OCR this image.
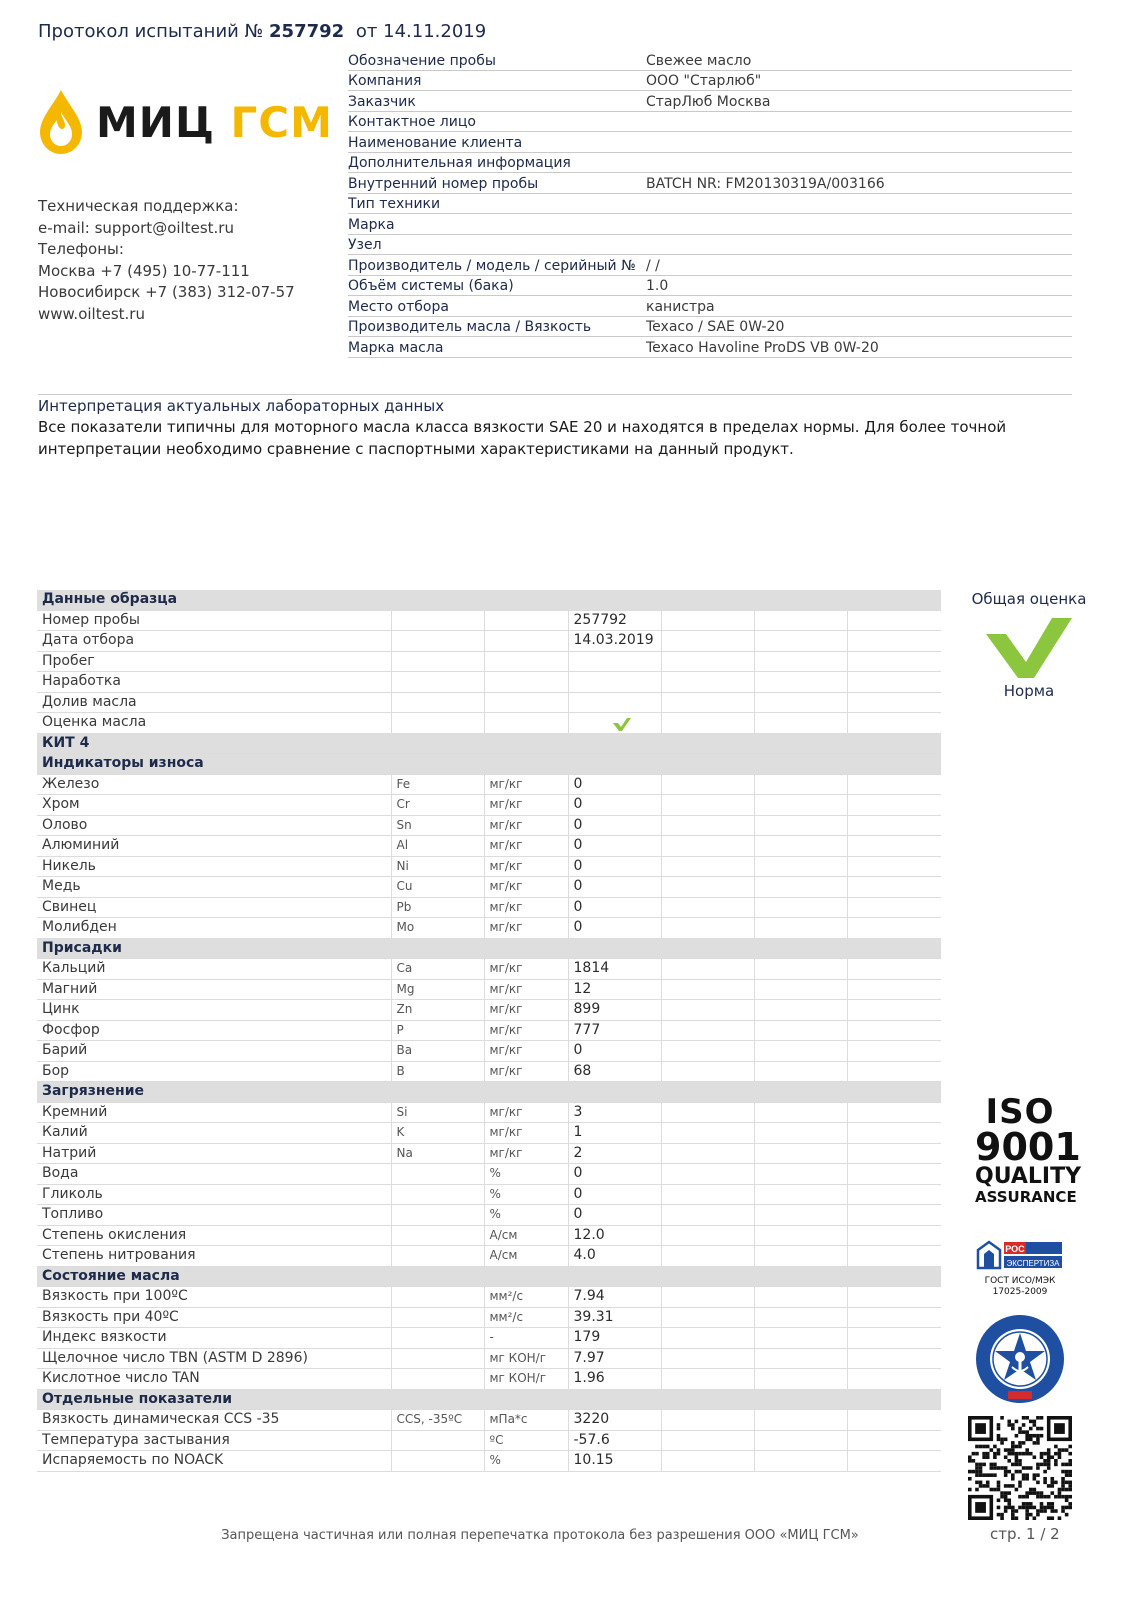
Протокол испытаний № 257792 от 14.11.2019
МИЦ ГСМ
Техническая поддержка:
e-mail: support@oiltest.ru
Телефоны:
Москва +7 (495) 10-77-111
Новосибирск +7 (383) 312-07-57
www.oiltest.ru
Обозначение пробы	Свежее масло
Компания	ООО "Старлюб"
Заказчик	СтарЛюб Москва
Контактное лицо
Наименование клиента
Дополнительная информация
Внутренний номер пробы	BATCH NR: FM20130319A/003166
Тип техники
Марка
Узел
Производитель / модель / серийный № / /
Объём системы (бака)	1.0
Место отбора	канистра
Производитель масла / Вязкость	Texaco / SAE 0W-20
Марка масла	Texaco Havoline ProDS VB 0W-20
Интерпретация актуальных лабораторных данных
Все показатели типичны для моторного масла класса вязкости SAE 20 и находятся в пределах нормы. Для более точной интерпретации необходимо сравнение с паспортными характеристиками на данный продукт.
Данные образца						
Номер пробы			257792			
Дата отбора			14.03.2019			
Пробег						
Наработка						
Долив масла						
Оценка масла			

КИТ 4						
Индикаторы износа						
Железо	Fe	мг/кг	0			
Хром	Cr	мг/кг	0			
Олово	Sn	мг/кг	0			
Алюминий	Al	мг/кг	0			
Никель	Ni	мг/кг	0			
Медь	Cu	мг/кг	0			
Свинец	Pb	мг/кг	0			
Молибден	Mo	мг/кг	0			
Присадки						
Кальций	Ca	мг/кг	1814			
Магний	Mg	мг/кг	12			
Цинк	Zn	мг/кг	899			
Фосфор	P	мг/кг	777			
Барий	Ba	мг/кг	0			
Бор	B	мг/кг	68			
Загрязнение						
Кремний	Si	мг/кг	3			
Калий	K	мг/кг	1			
Натрий	Na	мг/кг	2			
Вода		%	0			
Гликоль		%	0			
Топливо		%	0			
Степень окисления		А/см	12.0			
Степень нитрования		А/см	4.0			
Состояние масла						
Вязкость при 100ºС		мм²/с	7.94			
Вязкость при 40ºС		мм²/с	39.31			
Индекс вязкости		-	179			
Щелочное число TBN (ASTM D 2896)		мг КОН/г	7.97			
Кислотное число TAN		мг КОН/г	1.96			
Отдельные показатели						
Вязкость динамическая CCS -35	CCS, -35ºС	мПа*с	3220			
Температура застывания		ºС	-57.6			
Испаряемость по NOACK		%	10.15			
Общая оценка
Норма
ISO
9001
QUALITY
ASSURANCE
РОС
ЭКСПЕРТИЗА
ГОСТ ИСО/МЭК
17025-2009
Запрещена частичная или полная перепечатка протокола без разрешения ООО «МИЦ ГСМ»	стр. 1 / 2
